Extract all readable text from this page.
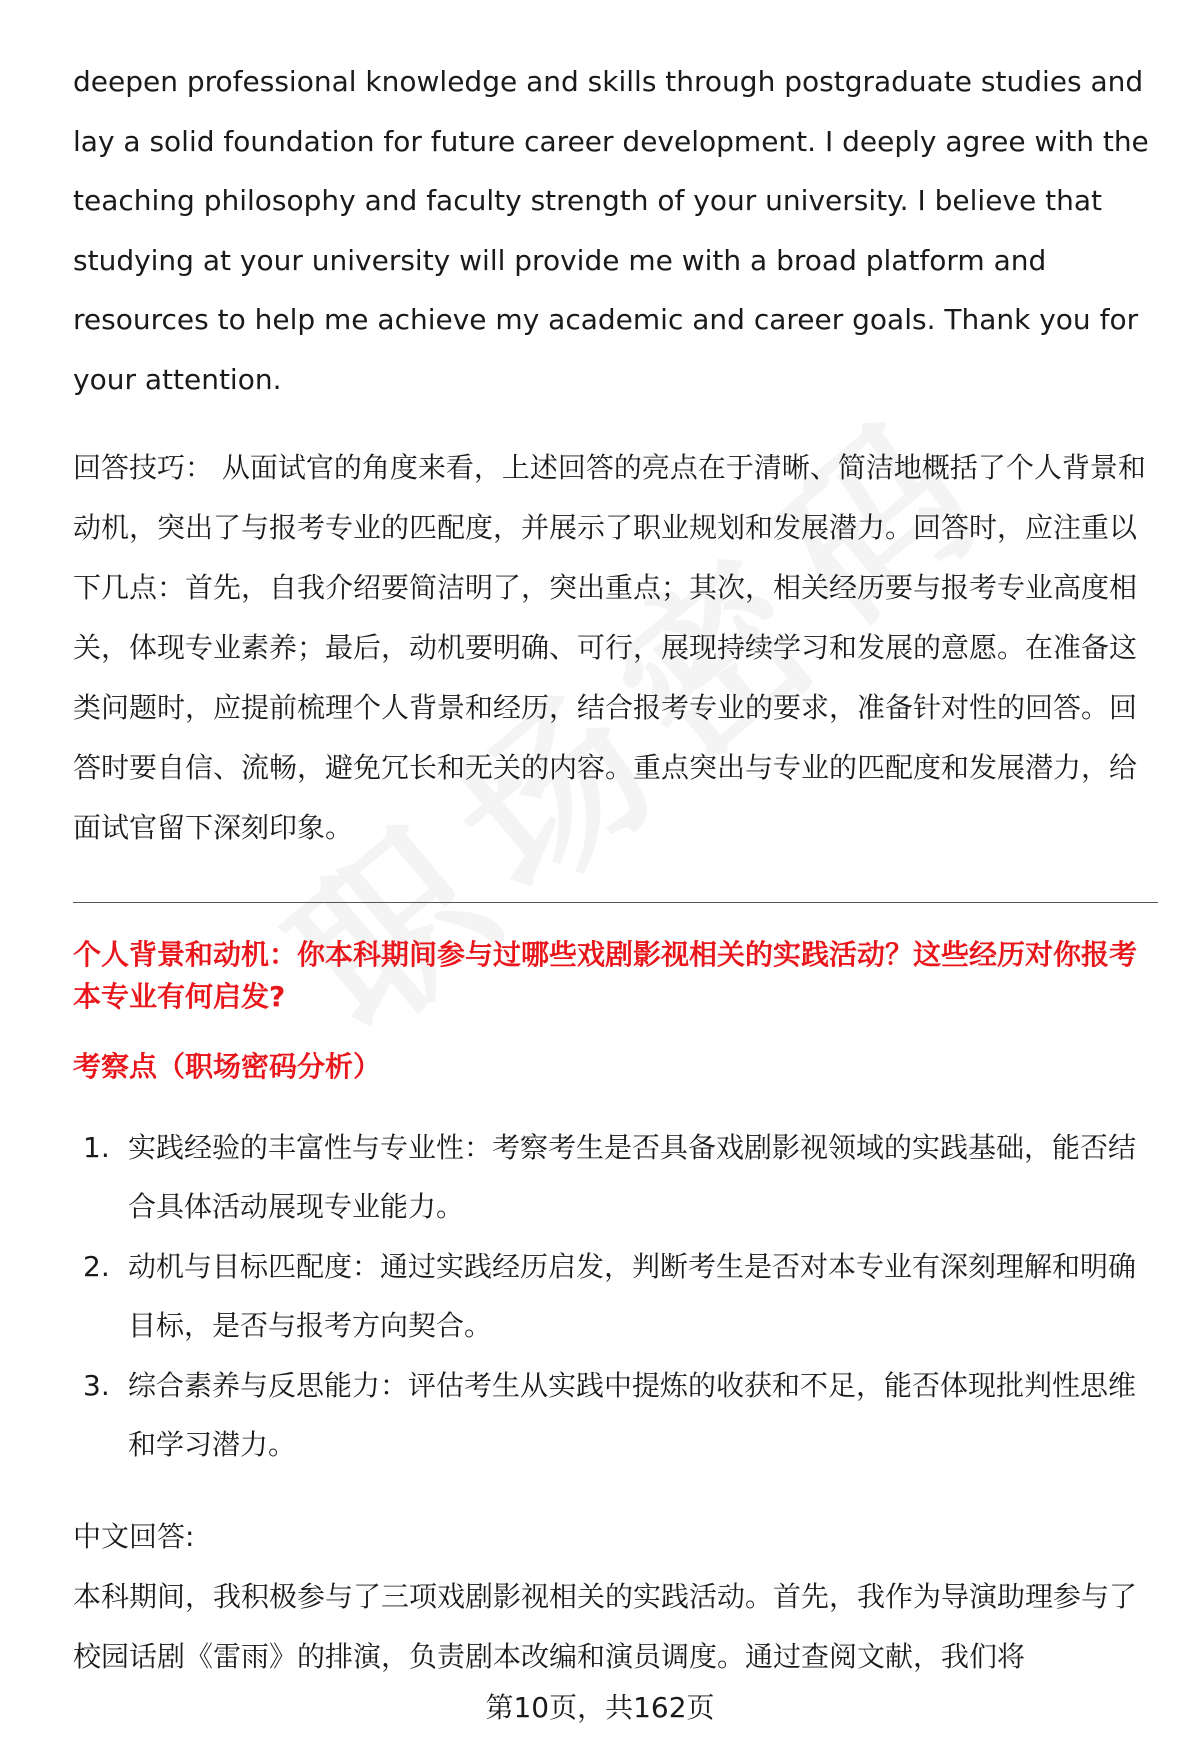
deepen professional knowledge and skills through postgraduate studies and lay a solid foundation for future career development. I deeply agree with the teaching philosophy and faculty strength of your university. I believe that studying at your university will provide me with a broad platform and resources to help me achieve my academic and career goals. Thank you for your attention.

回答技巧： 从面试官的角度来看，上述回答的亮点在于清晰、简洁地概括了个人背景和动机，突出了与报考专业的匹配度，并展示了职业规划和发展潜力。回答时，应注重以下几点：首先，自我介绍要简洁明了，突出重点；其次，相关经历要与报考专业高度相关，体现专业素养；最后，动机要明确、可行，展现持续学习和发展的意愿。在准备这类问题时，应提前梳理个人背景和经历，结合报考专业的要求，准备针对性的回答。回答时要自信、流畅，避免冗长和无关的内容。重点突出与专业的匹配度和发展潜力，给面试官留下深刻印象。

个人背景和动机：你本科期间参与过哪些戏剧影视相关的实践活动？这些经历对你报考本专业有何启发?

考察点（职场密码分析）

1. 实践经验的丰富性与专业性：考察考生是否具备戏剧影视领域的实践基础，能否结合具体活动展现专业能力。
2. 动机与目标匹配度：通过实践经历启发，判断考生是否对本专业有深刻理解和明确目标，是否与报考方向契合。
3. 综合素养与反思能力：评估考生从实践中提炼的收获和不足，能否体现批判性思维和学习潜力。

中文回答:

本科期间，我积极参与了三项戏剧影视相关的实践活动。首先，我作为导演助理参与了校园话剧《雷雨》的排演，负责剧本改编和演员调度。通过查阅文献，我们将

第10页，共162页
